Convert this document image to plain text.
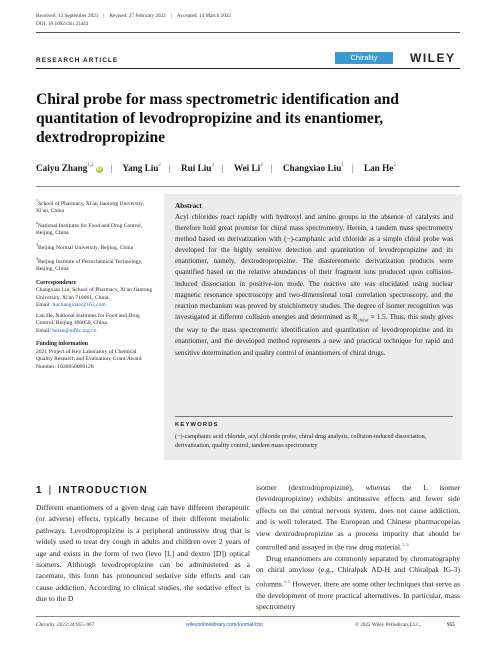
Received: 13 September 2021 | Revised: 27 February 2022 | Accepted: 14 March 2022
DOI: 10.1002/chir.23443
RESEARCH ARTICLE	Chirality	WILEY
Chiral probe for mass spectrometric identification and quantitation of levodropropizine and its enantiomer, dextrodropropizine
Caiyu Zhang$^{1,2}$iD | Yang Liu$^2$ | Rui Liu$^3$ | Wei Li$^4$ | Changxiao Liu$^1$ | Lan He$^2$
$^1$School of Pharmacy, Xi'an Jiaotong University, Xi'an, China
$^2$National Institutes for Food and Drug Control, Beijing, China
$^3$Beijing Normal University, Beijing, China
$^4$Beijing Institute of Petrochemical Technology, Beijing, China
Correspondence
Changxiao Liu, School of Pharmacy, Xi'an Jiaotong University, Xi'an 710061, China.
Email: liuchangxiao@163.com
Lan He, National Institutes for Food and Drug Control, Beijing 100050, China.
Email: helan@nifdc.org.cn
Funding information
2021 Project of Key Laboratory of Chemical Quality Research and Evaluation, Grant/Award Number: 1030050090128
Abstract
Acyl chlorides react rapidly with hydroxyl and amino groups in the absence of catalysts and therefore hold great promise for chiral mass spectrometry. Herein, a tandem mass spectrometry method based on derivatization with (−)-camphanic acid chloride as a simple chiral probe was developed for the highly sensitive detection and quantitation of levodropropizine and its enantiomer, namely, dextrodropropizine. The diastereomeric derivatization products were quantified based on the relative abundances of their fragment ions produced upon collision-induced dissociation in positive-ion mode. The reactive site was elucidated using nuclear magnetic resonance spectroscopy and two-dimensional total correlation spectroscopy, and the reaction mechanism was proved by stoichiometry studies. The degree of isomer recognition was investigated at different collision energies and determined as $R_{chiral} \approx 1.5$. Thus, this study gives the way to the mass spectrometric identification and quantitation of levodropropizine and its enantiomer, and the developed method represents a new and practical technique for rapid and sensitive determination and quality control of enantiomers of chiral drugs.
KEYWORDS
(−)-camphanic acid chloride, acyl chloride probe, chiral drug analysis, collision-induced dissociation, derivatization, quality control, tandem mass spectrometry
1 | INTRODUCTION

Different enantiomers of a given drug can have different therapeutic (or adverse) effects, typically because of their different metabolic pathways. Levodropropizine is a peripheral antitussive drug that is widely used to treat dry cough in adults and children over 2 years of age and exists in the form of two (levo [L] and dextro [D]) optical isomers. Although levodropropizine can be administered as a racemate, this form has pronounced sedative side effects and can cause addiction. According to clinical studies, the sedative effect is due to the D

isomer (dextrodropropizine), whereas the L isomer (levodropropizine) exhibits antitussive effects and fewer side effects on the central nervous system, does not cause addiction, and is well tolerated. The European and Chinese pharmacopeias view dextrodropropizine as a process impurity that should be controlled and assayed in the raw drug material.$^{1-3}$

Drug enantiomers are commonly separated by chromatography on chiral amylose (e.g., Chiralpak AD-H and Chiralpak IG-3) columns.$^{3-5}$ However, there are some other techniques that serve as the development of more practical alternatives. In particular, mass spectrometry

Chirality. 2022;34:955–967.	wileyonlinelibrary.com/journal/chir	© 2022 Wiley Periodicals LLC.	955
